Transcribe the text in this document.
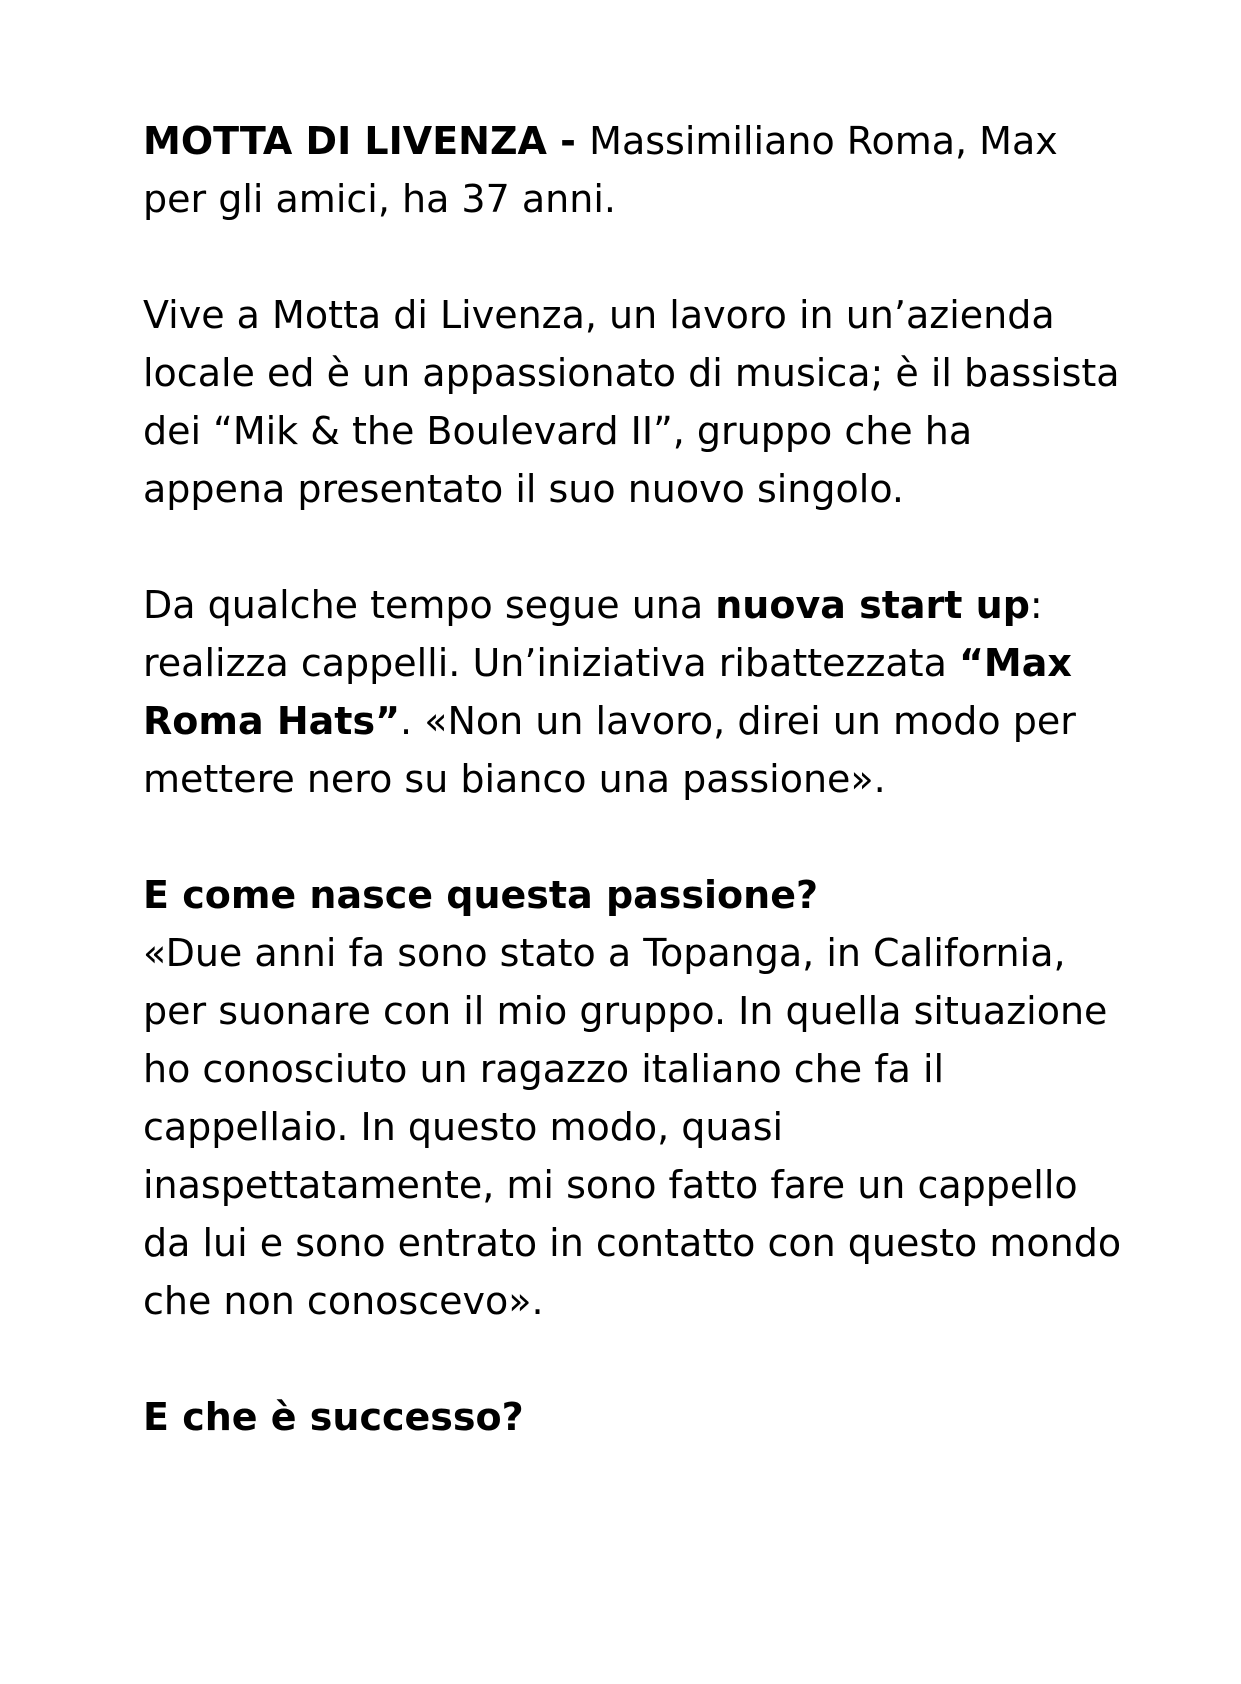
MOTTA DI LIVENZA - Massimiliano Roma, Max per gli amici, ha 37 anni.

Vive a Motta di Livenza, un lavoro in un’azienda locale ed è un appassionato di musica; è il bassista dei “Mik & the Boulevard II”, gruppo che ha appena presentato il suo nuovo singolo.

Da qualche tempo segue una nuova start up: realizza cappelli. Un’iniziativa ribattezzata “Max Roma Hats”. «Non un lavoro, direi un modo per mettere nero su bianco una passione».

E come nasce questa passione?

«Due anni fa sono stato a Topanga, in California, per suonare con il mio gruppo. In quella situazione ho conosciuto un ragazzo italiano che fa il cappellaio. In questo modo, quasi inaspettatamente, mi sono fatto fare un cappello da lui e sono entrato in contatto con questo mondo che non conoscevo».

E che è successo?
